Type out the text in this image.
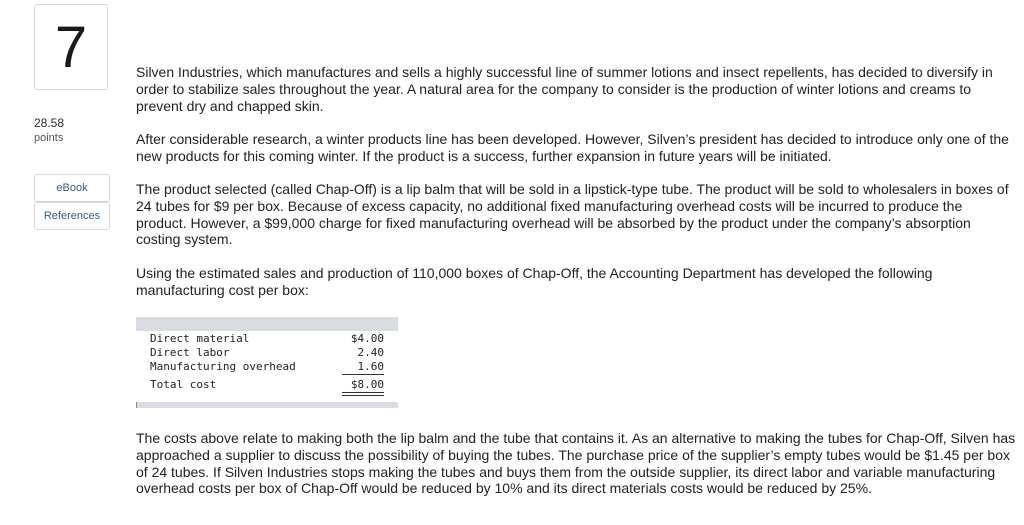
7
28.58
points
eBook
References

Silven Industries, which manufactures and sells a highly successful line of summer lotions and insect repellents, has decided to diversify in order to stabilize sales throughout the year. A natural area for the company to consider is the production of winter lotions and creams to prevent dry and chapped skin.

After considerable research, a winter products line has been developed. However, Silven’s president has decided to introduce only one of the new products for this coming winter. If the product is a success, further expansion in future years will be initiated.

The product selected (called Chap-Off) is a lip balm that will be sold in a lipstick-type tube. The product will be sold to wholesalers in boxes of 24 tubes for $9 per box. Because of excess capacity, no additional fixed manufacturing overhead costs will be incurred to produce the product. However, a $99,000 charge for fixed manufacturing overhead will be absorbed by the product under the company’s absorption costing system.

Using the estimated sales and production of 110,000 boxes of Chap-Off, the Accounting Department has developed the following manufacturing cost per box:

The costs above relate to making both the lip balm and the tube that contains it. As an alternative to making the tubes for Chap-Off, Silven has approached a supplier to discuss the possibility of buying the tubes. The purchase price of the supplier’s empty tubes would be $1.45 per box of 24 tubes. If Silven Industries stops making the tubes and buys them from the outside supplier, its direct labor and variable manufacturing overhead costs per box of Chap-Off would be reduced by 10% and its direct materials costs would be reduced by 25%.

Direct material	$4.00
Direct labor	2.40
Manufacturing overhead	1.60
Total cost	$8.00
